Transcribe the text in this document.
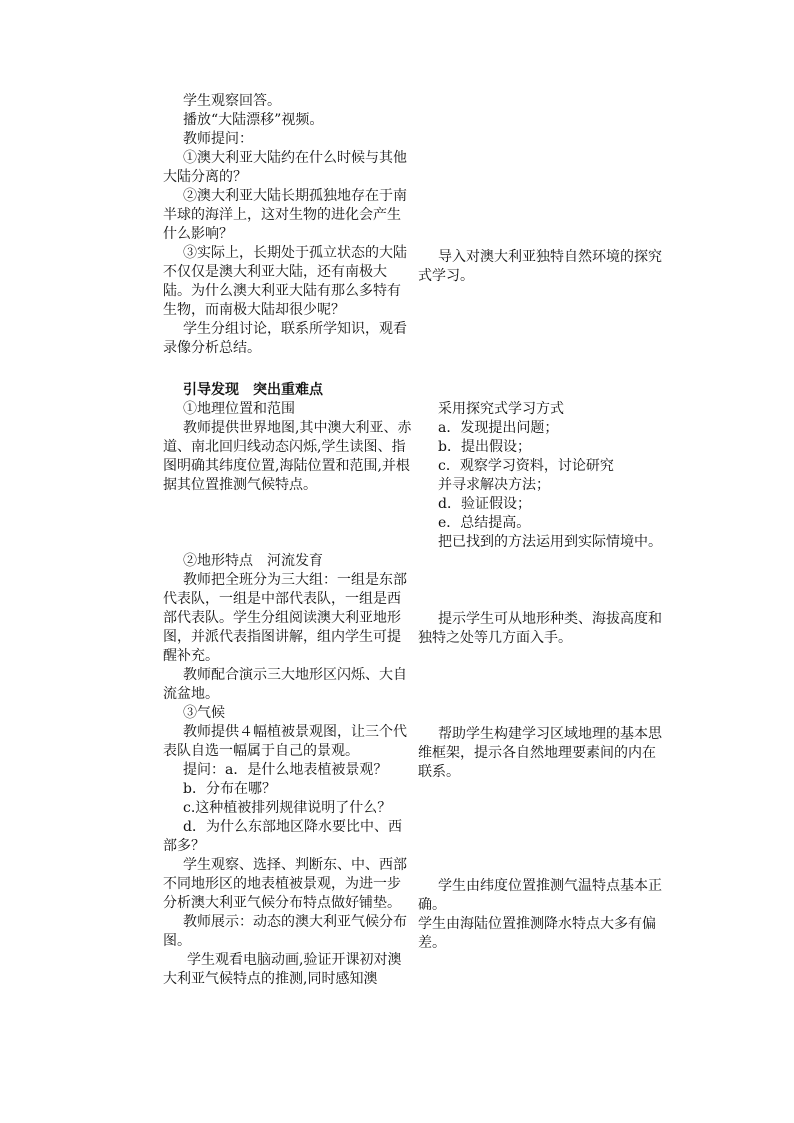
学生观察回答。

播放“大陆漂移”视频。

教师提问：

①澳大利亚大陆约在什么时候与其他大陆分离的？

②澳大利亚大陆长期孤独地存在于南半球的海洋上，这对生物的进化会产生什么影响？

③实际上，长期处于孤立状态的大陆不仅仅是澳大利亚大陆，还有南极大陆。为什么澳大利亚大陆有那么多特有生物，而南极大陆却很少呢？

学生分组讨论，联系所学知识，观看录像分析总结。

引导发现　突出重难点

①地理位置和范围

教师提供世界地图,其中澳大利亚、赤道、南北回归线动态闪烁,学生读图、指图明确其纬度位置,海陆位置和范围,并根据其位置推测气候特点。

②地形特点　河流发育

教师把全班分为三大组：一组是东部代表队，一组是中部代表队，一组是西部代表队。学生分组阅读澳大利亚地形图，并派代表指图讲解，组内学生可提醒补充。

教师配合演示三大地形区闪烁、大自流盆地。

③气候

教师提供４幅植被景观图，让三个代表队自选一幅属于自己的景观。

提问：a．是什么地表植被景观？

b．分布在哪？

c.这种植被排列规律说明了什么？

d．为什么东部地区降水要比中、西部多？

学生观察、选择、判断东、中、西部不同地形区的地表植被景观，为进一步分析澳大利亚气候分布特点做好铺垫。

教师展示：动态的澳大利亚气候分布图。

学生观看电脑动画,验证开课初对澳大利亚气候特点的推测,同时感知澳

导入对澳大利亚独特自然环境的探究式学习。

采用探究式学习方式

a．发现提出问题；

b．提出假设；

c．观察学习资料，讨论研究

并寻求解决方法；

d．验证假设；

e．总结提高。

把已找到的方法运用到实际情境中。

提示学生可从地形种类、海拔高度和独特之处等几方面入手。

帮助学生构建学习区域地理的基本思维框架，提示各自然地理要素间的内在联系。

学生由纬度位置推测气温特点基本正确。

学生由海陆位置推测降水特点大多有偏差。
